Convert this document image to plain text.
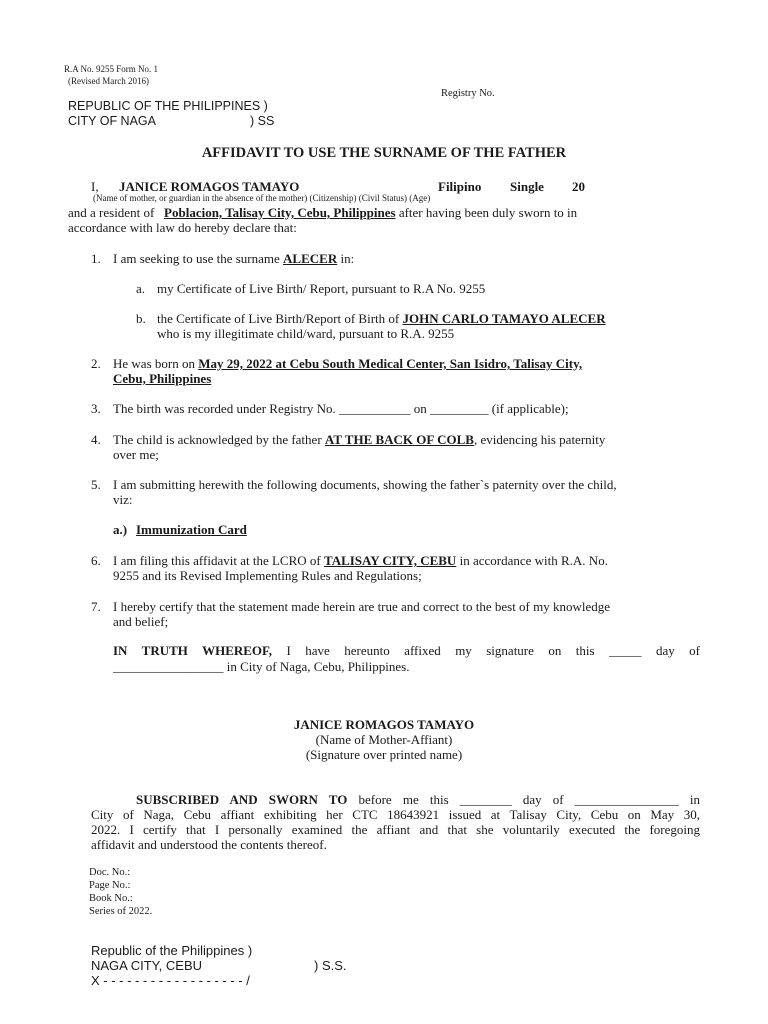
R.A No. 9255 Form No. 1
(Revised March 2016)
Registry No.
REPUBLIC OF THE PHILIPPINES )
CITY OF NAGA	) SS
AFFIDAVIT TO USE THE SURNAME OF THE FATHER
I, JANICE ROMAGOS TAMAYO	Filipino Single 20
(Name of mother, or guardian in the absence of the mother) (Citizenship) (Civil Status) (Age)
and a resident of Poblacion, Talisay City, Cebu, Philippines after having been duly sworn to in
accordance with law do hereby declare that:
1. I am seeking to use the surname ALECER in:
a. my Certificate of Live Birth/ Report, pursuant to R.A No. 9255
b. the Certificate of Live Birth/Report of Birth of JOHN CARLO TAMAYO ALECER
who is my illegitimate child/ward, pursuant to R.A. 9255
2. He was born on May 29, 2022 at Cebu South Medical Center, San Isidro, Talisay City,
Cebu, Philippines
3. The birth was recorded under Registry No. ___________ on _________ (if applicable);
4. The child is acknowledged by the father AT THE BACK OF COLB, evidencing his paternity
over me;
5. I am submitting herewith the following documents, showing the father`s paternity over the child,
viz:
a.) Immunization Card
6. I am filing this affidavit at the LCRO of TALISAY CITY, CEBU in accordance with R.A. No.
9255 and its Revised Implementing Rules and Regulations;
7. I hereby certify that the statement made herein are true and correct to the best of my knowledge
and belief;
IN TRUTH WHEREOF, I have hereunto affixed my signature on this _____ day of
_________________ in City of Naga, Cebu, Philippines.
JANICE ROMAGOS TAMAYO
(Name of Mother-Affiant)
(Signature over printed name)
SUBSCRIBED AND SWORN TO before me this ________ day of ________________ in
City of Naga, Cebu affiant exhibiting her CTC 18643921 issued at Talisay City, Cebu on May 30,
2022. I certify that I personally examined the affiant and that she voluntarily executed the foregoing
affidavit and understood the contents thereof.
Doc. No.:
Page No.:
Book No.:
Series of 2022.
Republic of the Philippines )
NAGA CITY, CEBU	) S.S.
X - - - - - - - - - - - - - - - - - - /
